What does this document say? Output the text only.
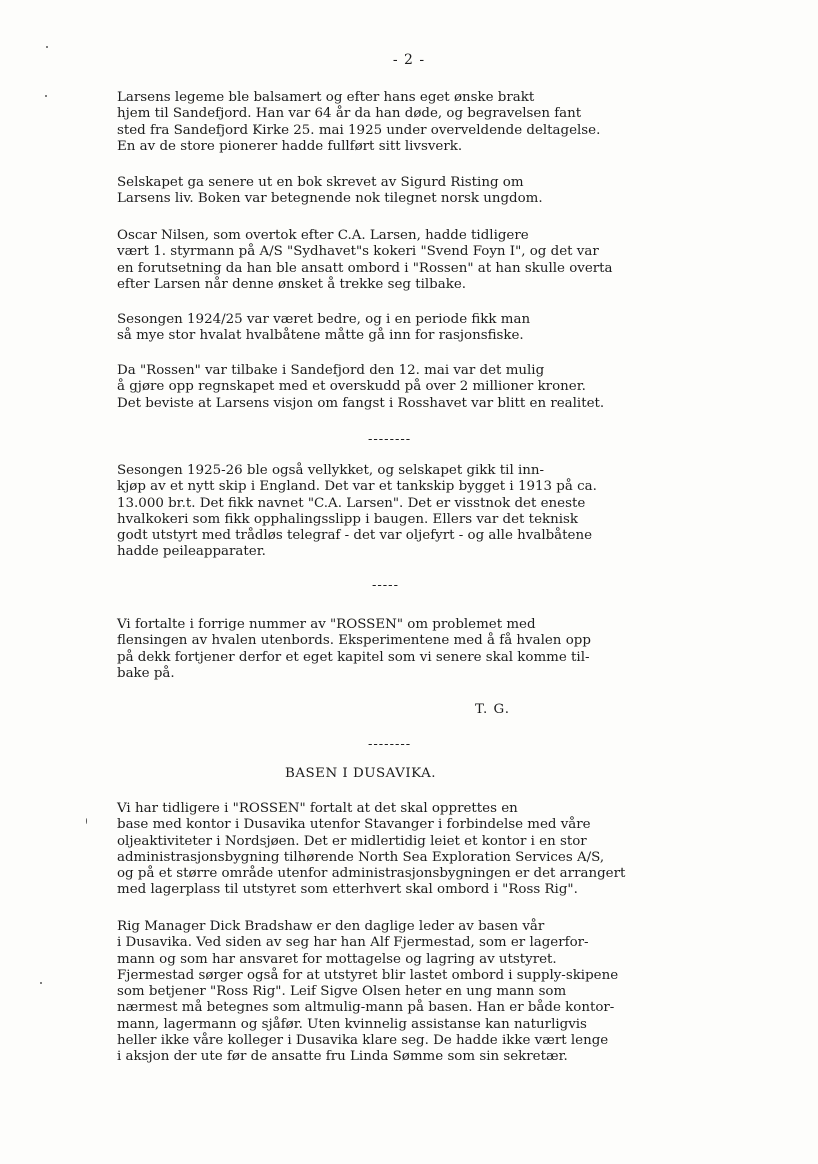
- 2 -
Larsens legeme ble balsamert og efter hans eget ønske brakt
hjem til Sandefjord. Han var 64 år da han døde, og begravelsen fant
sted fra Sandefjord Kirke 25. mai 1925 under overveldende deltagelse.
En av de store pionerer hadde fullført sitt livsverk.
Selskapet ga senere ut en bok skrevet av Sigurd Risting om
Larsens liv. Boken var betegnende nok tilegnet norsk ungdom.
Oscar Nilsen, som overtok efter C.A. Larsen, hadde tidligere
vært 1. styrmann på A/S "Sydhavet"s kokeri "Svend Foyn I", og det var
en forutsetning da han ble ansatt ombord i "Rossen" at han skulle overta
efter Larsen når denne ønsket å trekke seg tilbake.
Sesongen 1924/25 var været bedre, og i en periode fikk man
så mye stor hvalat hvalbåtene måtte gå inn for rasjonsfiske.
Da "Rossen" var tilbake i Sandefjord den 12. mai var det mulig
å gjøre opp regnskapet med et overskudd på over 2 millioner kroner.
Det beviste at Larsens visjon om fangst i Rosshavet var blitt en realitet.
--------
Sesongen 1925-26 ble også vellykket, og selskapet gikk til inn-
kjøp av et nytt skip i England. Det var et tankskip bygget i 1913 på ca.
13.000 br.t. Det fikk navnet "C.A. Larsen". Det er visstnok det eneste
hvalkokeri som fikk opphalingsslipp i baugen. Ellers var det teknisk
godt utstyrt med trådløs telegraf - det var oljefyrt - og alle hvalbåtene
hadde peileapparater.
-----
Vi fortalte i forrige nummer av "ROSSEN" om problemet med
flensingen av hvalen utenbords. Eksperimentene med å få hvalen opp
på dekk fortjener derfor et eget kapitel som vi senere skal komme til-
bake på.
T. G.
--------
BASEN I DUSAVIKA.
Vi har tidligere i "ROSSEN" fortalt at det skal opprettes en
base med kontor i Dusavika utenfor Stavanger i forbindelse med våre
oljeaktiviteter i Nordsjøen. Det er midlertidig leiet et kontor i en stor
administrasjonsbygning tilhørende North Sea Exploration Services A/S,
og på et større område utenfor administrasjonsbygningen er det arrangert
med lagerplass til utstyret som etterhvert skal ombord i "Ross Rig".
Rig Manager Dick Bradshaw er den daglige leder av basen vår
i Dusavika. Ved siden av seg har han Alf Fjermestad, som er lagerfor-
mann og som har ansvaret for mottagelse og lagring av utstyret.
Fjermestad sørger også for at utstyret blir lastet ombord i supply-skipene
som betjener "Ross Rig". Leif Sigve Olsen heter en ung mann som
nærmest må betegnes som altmulig-mann på basen. Han er både kontor-
mann, lagermann og sjåfør. Uten kvinnelig assistanse kan naturligvis
heller ikke våre kolleger i Dusavika klare seg. De hadde ikke vært lenge
i aksjon der ute før de ansatte fru Linda Sømme som sin sekretær.
